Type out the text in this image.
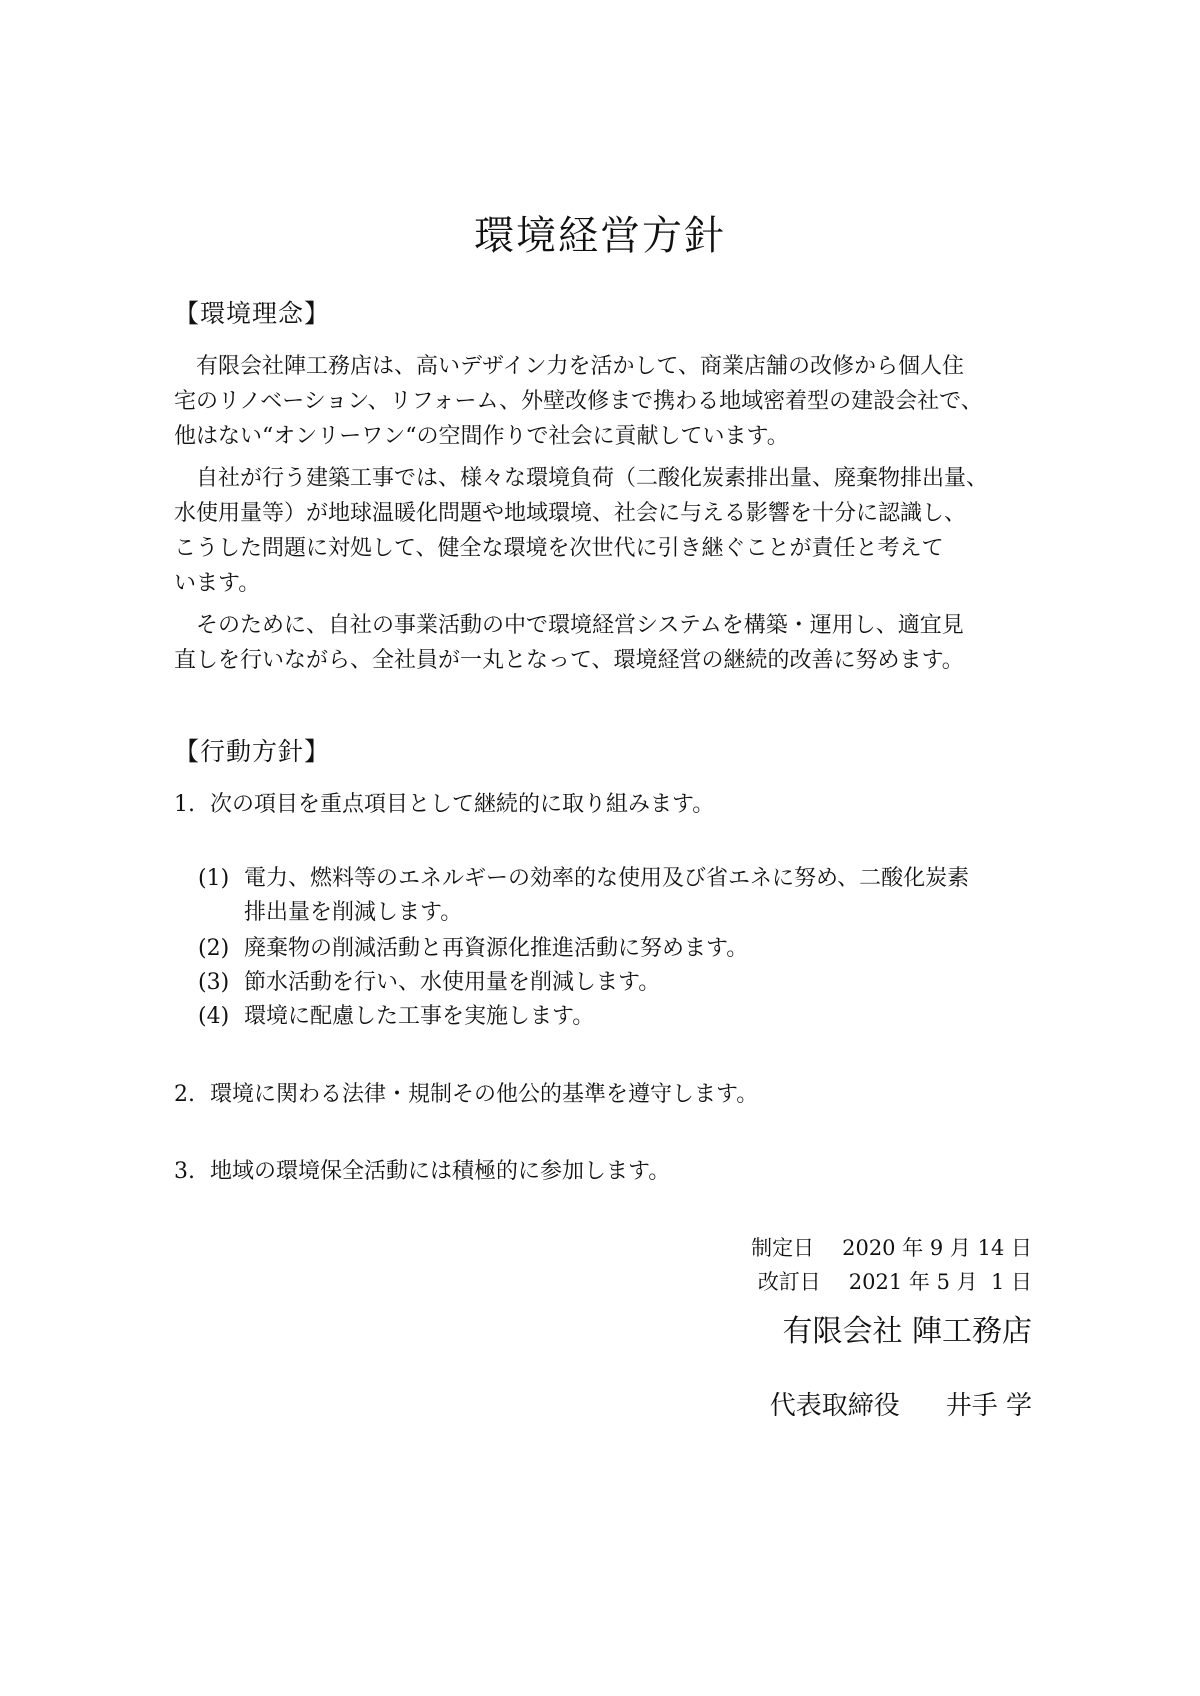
環境経営方針
【環境理念】
有限会社陣工務店は、高いデザイン力を活かして、商業店舗の改修から個人住
宅のリノベーション、リフォーム、外壁改修まで携わる地域密着型の建設会社で、
他はない“オンリーワン“の空間作りで社会に貢献しています。
自社が行う建築工事では、様々な環境負荷（二酸化炭素排出量、廃棄物排出量、
水使用量等）が地球温暖化問題や地域環境、社会に与える影響を十分に認識し、
こうした問題に対処して、健全な環境を次世代に引き継ぐことが責任と考えて
います。
そのために、自社の事業活動の中で環境経営システムを構築・運用し、適宜見
直しを行いながら、全社員が一丸となって、環境経営の継続的改善に努めます。
【行動方針】
1. 次の項目を重点項目として継続的に取り組みます。
(1) 電力、燃料等のエネルギーの効率的な使用及び省エネに努め、二酸化炭素
排出量を削減します。
(2) 廃棄物の削減活動と再資源化推進活動に努めます。
(3) 節水活動を行い、水使用量を削減します。
(4) 環境に配慮した工事を実施します。
2. 環境に関わる法律・規制その他公的基準を遵守します。
3. 地域の環境保全活動には積極的に参加します。
制定日 2020 年 9 月 14 日
改訂日 2021 年 5 月  1 日
有限会社 陣工務店
代表取締役 井手 学
